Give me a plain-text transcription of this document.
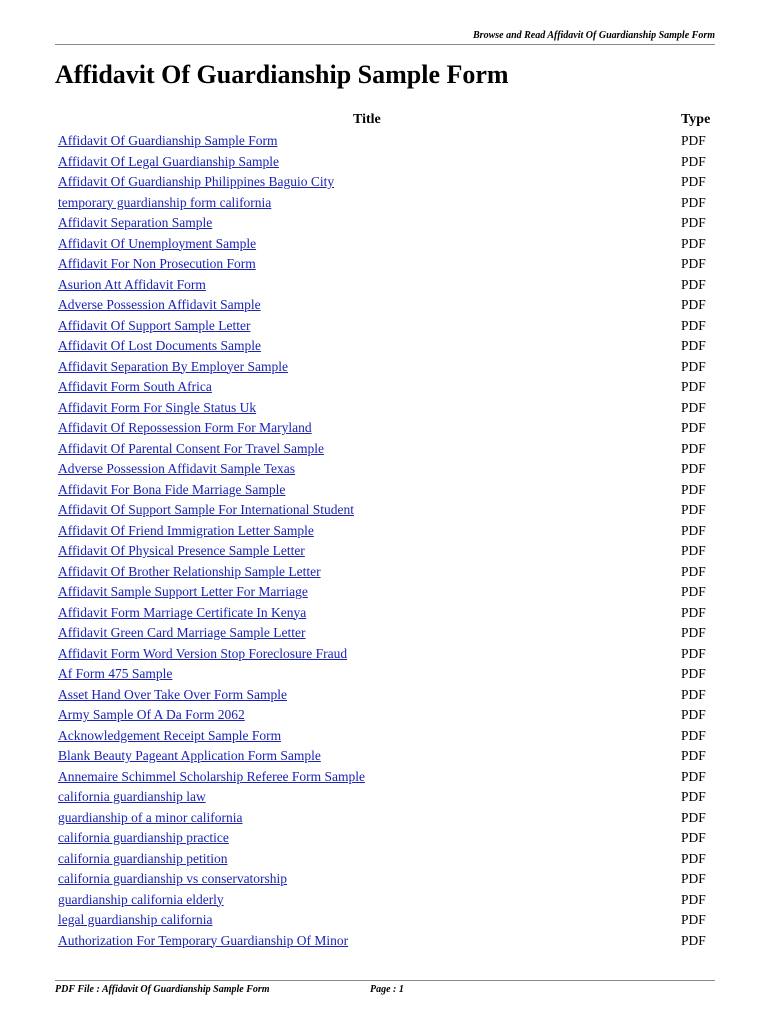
Browse and Read Affidavit Of Guardianship Sample Form
Affidavit Of Guardianship Sample Form
Title	Type
Affidavit Of Guardianship Sample Form	PDF
Affidavit Of Legal Guardianship Sample	PDF
Affidavit Of Guardianship Philippines Baguio City	PDF
temporary guardianship form california	PDF
Affidavit Separation Sample	PDF
Affidavit Of Unemployment Sample	PDF
Affidavit For Non Prosecution Form	PDF
Asurion Att Affidavit Form	PDF
Adverse Possession Affidavit Sample	PDF
Affidavit Of Support Sample Letter	PDF
Affidavit Of Lost Documents Sample	PDF
Affidavit Separation By Employer Sample	PDF
Affidavit Form South Africa	PDF
Affidavit Form For Single Status Uk	PDF
Affidavit Of Repossession Form For Maryland	PDF
Affidavit Of Parental Consent For Travel Sample	PDF
Adverse Possession Affidavit Sample Texas	PDF
Affidavit For Bona Fide Marriage Sample	PDF
Affidavit Of Support Sample For International Student	PDF
Affidavit Of Friend Immigration Letter Sample	PDF
Affidavit Of Physical Presence Sample Letter	PDF
Affidavit Of Brother Relationship Sample Letter	PDF
Affidavit Sample Support Letter For Marriage	PDF
Affidavit Form Marriage Certificate In Kenya	PDF
Affidavit Green Card Marriage Sample Letter	PDF
Affidavit Form Word Version Stop Foreclosure Fraud	PDF
Af Form 475 Sample	PDF
Asset Hand Over Take Over Form Sample	PDF
Army Sample Of A Da Form 2062	PDF
Acknowledgement Receipt Sample Form	PDF
Blank Beauty Pageant Application Form Sample	PDF
Annemaire Schimmel Scholarship Referee Form Sample	PDF
california guardianship law	PDF
guardianship of a minor california	PDF
california guardianship practice	PDF
california guardianship petition	PDF
california guardianship vs conservatorship	PDF
guardianship california elderly	PDF
legal guardianship california	PDF
Authorization For Temporary Guardianship Of Minor	PDF
PDF File : Affidavit Of Guardianship Sample Form	Page : 1
